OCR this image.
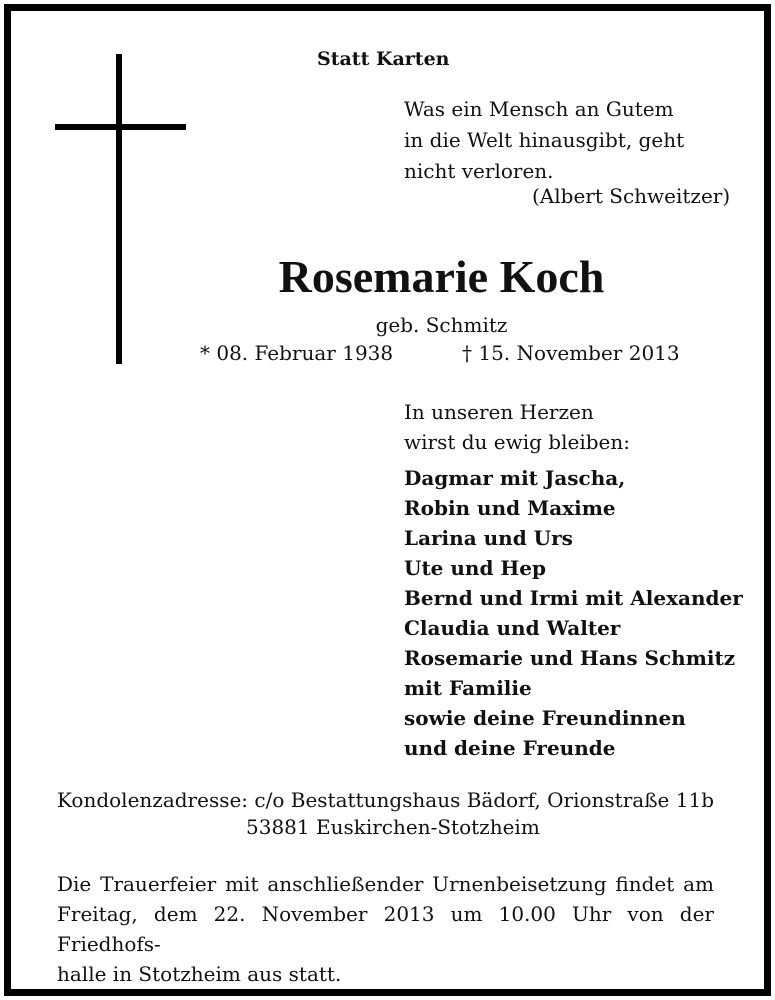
Statt Karten
Was ein Mensch an Gutem
in die Welt hinausgibt, geht
nicht verloren.
(Albert Schweitzer)
Rosemarie Koch
geb. Schmitz
* 08. Februar 1938	† 15. November 2013
In unseren Herzen
wirst du ewig bleiben:
Dagmar mit Jascha,
Robin und Maxime
Larina und Urs
Ute und Hep
Bernd und Irmi mit Alexander
Claudia und Walter
Rosemarie und Hans Schmitz
mit Familie
sowie deine Freundinnen
und deine Freunde
Kondolenzadresse: c/o Bestattungshaus Bädorf, Orionstraße 11b
53881 Euskirchen-Stotzheim
Die Trauerfeier mit anschließender Urnenbeisetzung findet am
Freitag, dem 22. November 2013 um 10.00 Uhr von der Friedhofs-
halle in Stotzheim aus statt.
